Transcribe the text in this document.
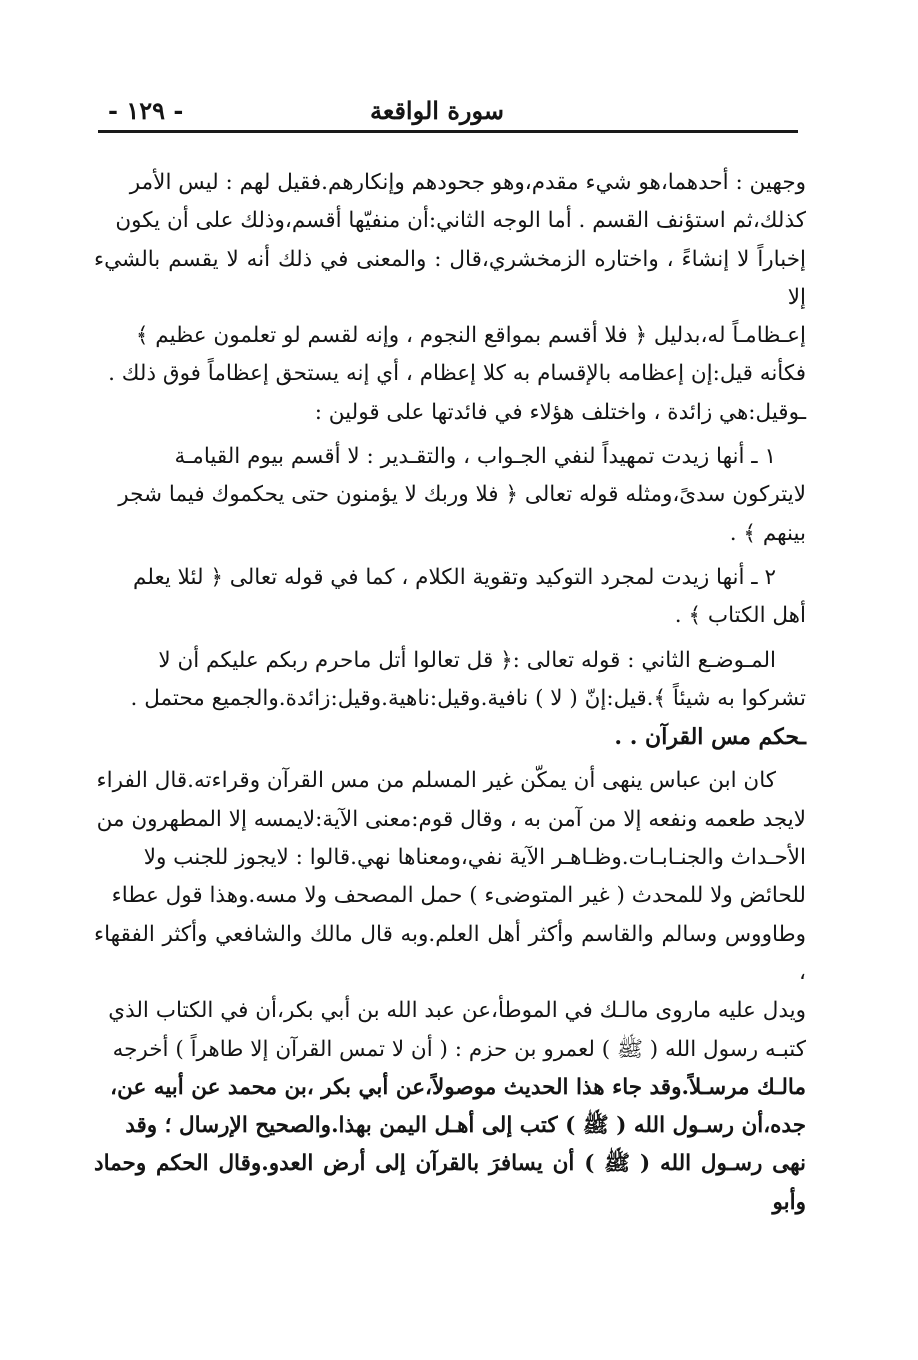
سورة الواقعة
- ١٢٩ -

وجهين : أحدهما،هو شيء مقدم،وهو جحودهم وإنكارهم.فقيل لهم : ليس الأمر

كذلك،ثم استؤنف القسم . أما الوجه الثاني:أن منفيّها أقسم،وذلك على أن يكون

إخباراً لا إنشاءً ، واختاره الزمخشري،قال : والمعنى في ذلك أنه لا يقسم بالشيء إلا

إعـظامـاً له،بدليل ﴿ فلا أقسم بمواقع النجوم ، وإنه لقسم لو تعلمون عظيم ﴾

فكأنه قيل:إن إعظامه بالإقسام به كلا إعظام ، أي إنه يستحق إعظاماً فوق ذلك .

ـوقيل:هي زائدة ، واختلف هؤلاء في فائدتها على قولين :

١ ـ أنها زيدت تمهيداً لنفي الجـواب ، والتقـدير : لا أقسم بيوم القيامـة

لايتركون سدىً،ومثله قوله تعالى ﴿ فلا وربك لا يؤمنون حتى يحكموك فيما شجر

بينهم ﴾ .

٢ ـ أنها زيدت لمجرد التوكيد وتقوية الكلام ، كما في قوله تعالى ﴿ لئلا يعلم

أهل الكتاب ﴾ .

المـوضـع الثاني : قوله تعالى :﴿ قل تعالوا أتل ماحرم ربكم عليكم أن لا

تشركوا به شيئاً ﴾.قيل:إنّ ( لا ) نافية.وقيل:ناهية.وقيل:زائدة.والجميع محتمل .

ـحكم مس القرآن . .

كان ابن عباس ينهى أن يمكّن غير المسلم من مس القرآن وقراءته.قال الفراء

لايجد طعمه ونفعه إلا من آمن به ، وقال قوم:معنى الآية:لايمسه إلا المطهرون من

الأحـداث والجنـابـات.وظـاهـر الآية نفي،ومعناها نهي.قالوا : لايجوز للجنب ولا

للحائض ولا للمحدث ( غير المتوضىء ) حمل المصحف ولا مسه.وهذا قول عطاء

وطاووس وسالم والقاسم وأكثر أهل العلم.وبه قال مالك والشافعي وأكثر الفقهاء ،

ويدل عليه ماروى مالـك في الموطأ،عن عبد الله بن أبي بكر،أن في الكتاب الذي

كتبـه رسول الله ( ﷺ ) لعمرو بن حزم : ( أن لا تمس القرآن إلا طاهراً ) أخرجه

مالـك مرسـلاً.وقد جاء هذا الحديث موصولاً،عن أبي بكر ،بن محمد عن أبيه عن،

جده،أن رسـول الله ( ﷺ ) كتب إلى أهـل اليمن بهذا.والصحيح الإرسال ؛ وقد

نهى رسـول الله ( ﷺ ) أن يسافرَ بالقرآن إلى أرض العدو.وقال الحكم وحماد وأبو
